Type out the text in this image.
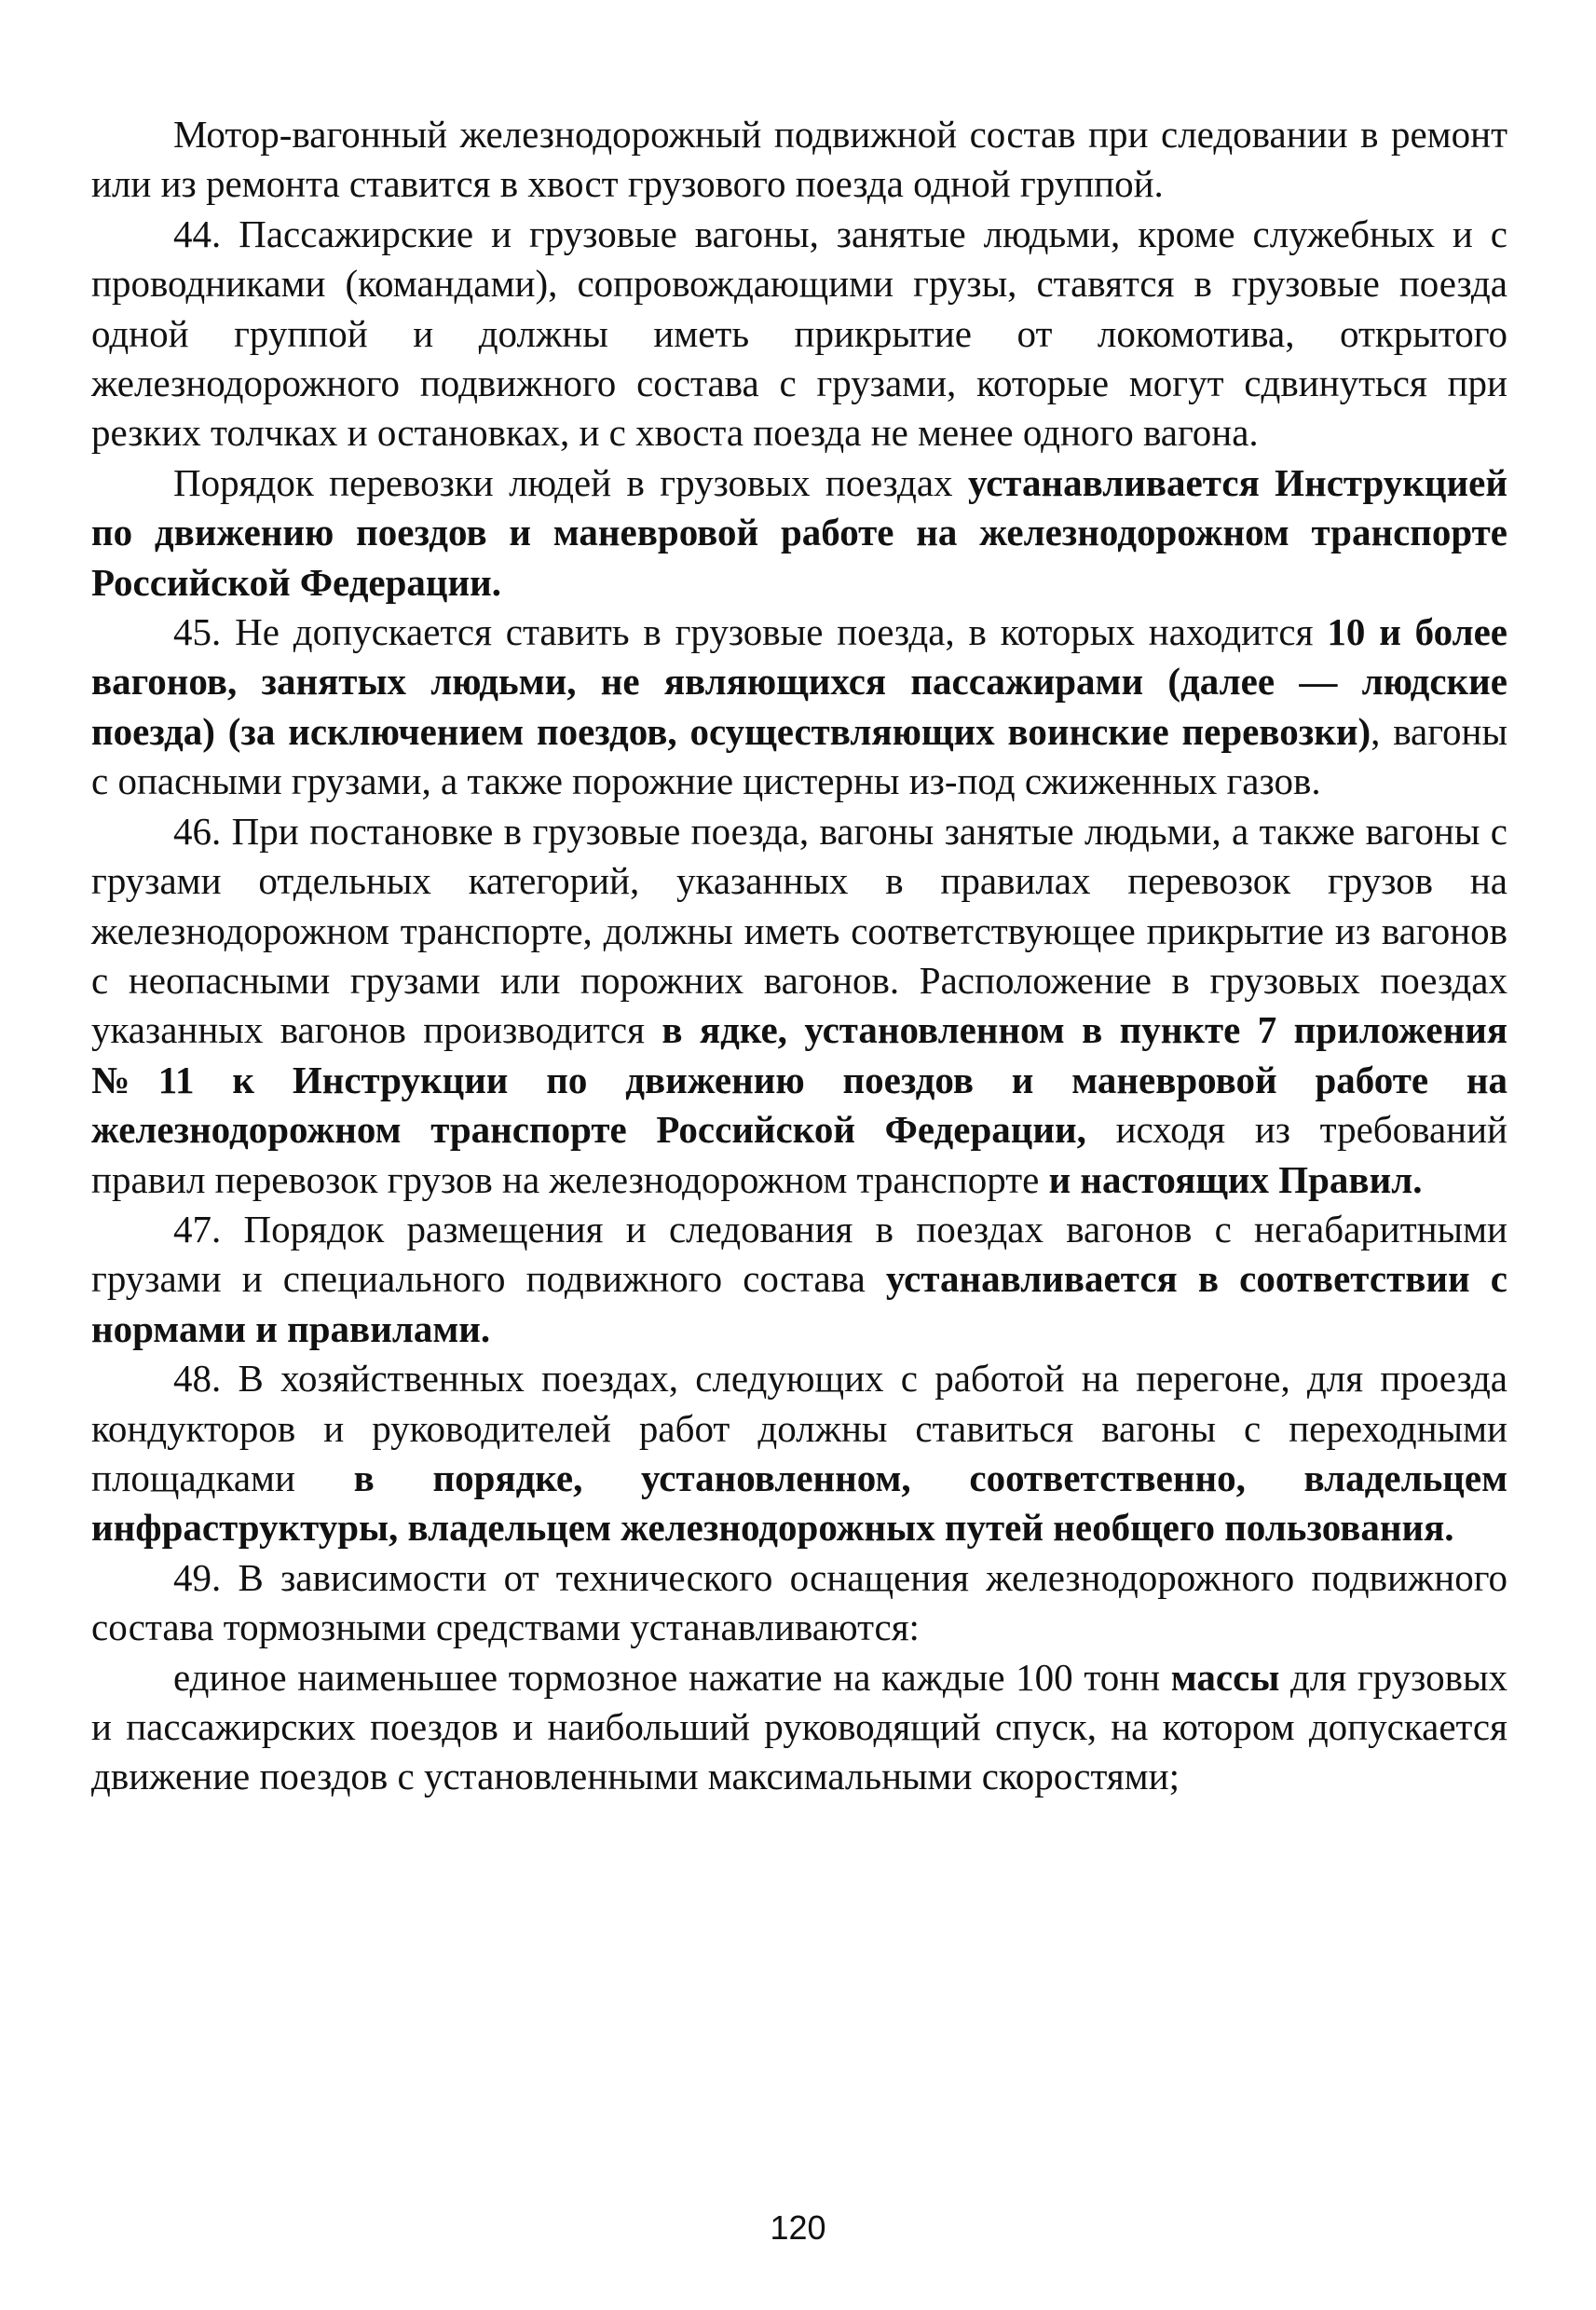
Мотор-вагонный железнодорожный подвижной состав при следовании в ремонт или из ремонта ставится в хвост грузового поезда одной группой.

44. Пассажирские и грузовые вагоны, занятые людьми, кроме служебных и с проводниками (командами), сопровождающими грузы, ставятся в грузовые поезда одной группой и должны иметь прикрытие от локомотива, открытого железнодорожного подвижного состава с грузами, которые могут сдвинуться при резких толчках и остановках, и с хвоста поезда не менее одного вагона.

Порядок перевозки людей в грузовых поездах устанавливается Инструкцией по движению поездов и маневровой работе на железнодорожном транспорте Российской Федерации.

45. Не допускается ставить в грузовые поезда, в которых находится 10 и более вагонов, занятых людьми, не являющихся пассажирами (далее — людские поезда) (за исключением поездов, осуществляющих воинские перевозки), вагоны с опасными грузами, а также порожние цистерны из-под сжиженных газов.

46. При постановке в грузовые поезда, вагоны занятые людьми, а также вагоны с грузами отдельных категорий, указанных в правилах перевозок грузов на железнодорожном транспорте, должны иметь соответствующее прикрытие из вагонов с неопасными грузами или порожних вагонов. Расположение в грузовых поездах указанных вагонов производится в ядке, установленном в пункте 7 приложения №11 к Инструкции по движению поездов и маневровой работе на железнодорожном транспорте Российской Федерации, исходя из требований правил перевозок грузов на железнодорожном транспорте и настоящих Правил.

47. Порядок размещения и следования в поездах вагонов с негабаритными грузами и специального подвижного состава устанавливается в соответствии с нормами и правилами.

48. В хозяйственных поездах, следующих с работой на перегоне, для проезда кондукторов и руководителей работ должны ставиться вагоны с переходными площадками в порядке, установленном, соответственно, владельцем инфраструктуры, владельцем железнодорожных путей необщего пользования.

49. В зависимости от технического оснащения железнодорожного подвижного состава тормозными средствами устанавливаются:

единое наименьшее тормозное нажатие на каждые 100 тонн массы для грузовых и пассажирских поездов и наибольший руководящий спуск, на котором допускается движение поездов с установленными максимальными скоростями;

120
